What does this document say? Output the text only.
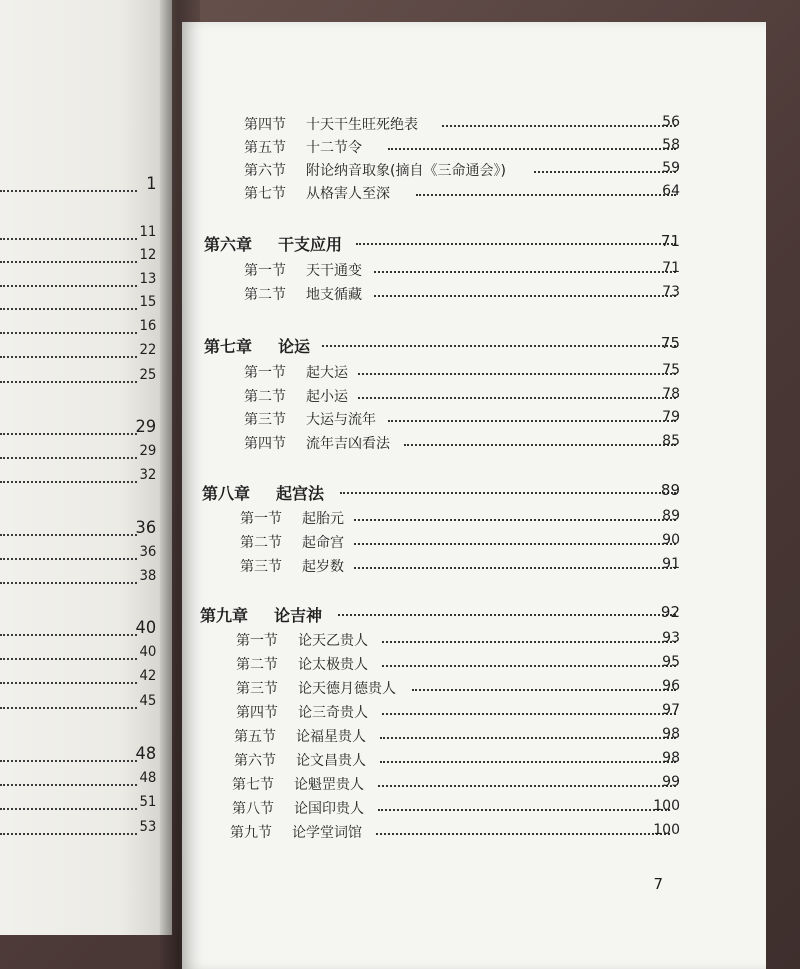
1
11
12
13
15
16
22
25
29
29
32
36
36
38
40
40
42
45
48
48
51
53
第四节 十天干生旺死绝表	56
第五节 十二节令	58
第六节 附论纳音取象(摘自《三命通会》)	59
第七节 从格害人至深	64
第六章 干支应用	71
第一节 天干通变	71
第二节 地支循藏	73
第七章 论运	75
第一节 起大运	75
第二节 起小运	78
第三节 大运与流年	79
第四节 流年吉凶看法	85
第八章 起宫法	89
第一节 起胎元	89
第二节 起命宫	90
第三节 起岁数	91
第九章 论吉神	92
第一节 论天乙贵人	93
第二节 论太极贵人	95
第三节 论天德月德贵人	96
第四节 论三奇贵人	97
第五节 论福星贵人	98
第六节 论文昌贵人	98
第七节 论魁罡贵人	99
第八节 论国印贵人	100
第九节 论学堂词馆	100
7
